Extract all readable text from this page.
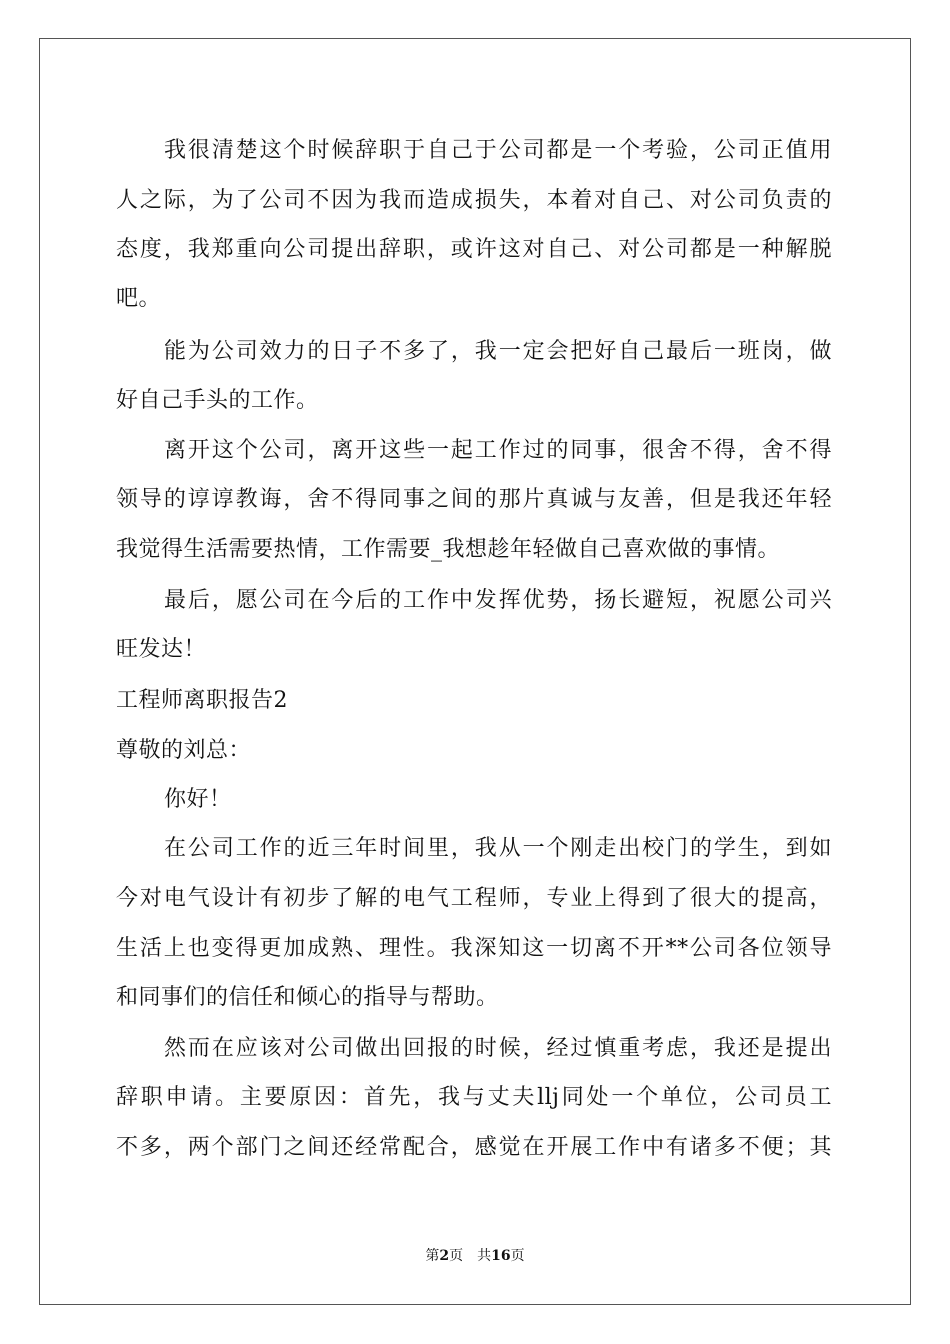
我很清楚这个时候辞职于自己于公司都是一个考验，公司正值用
人之际，为了公司不因为我而造成损失，本着对自己、对公司负责的
态度，我郑重向公司提出辞职，或许这对自己、对公司都是一种解脱
吧。
能为公司效力的日子不多了，我一定会把好自己最后一班岗，做
好自己手头的工作。
离开这个公司，离开这些一起工作过的同事，很舍不得，舍不得
领导的谆谆教诲，舍不得同事之间的那片真诚与友善，但是我还年轻
我觉得生活需要热情，工作需要_我想趁年轻做自己喜欢做的事情。
最后，愿公司在今后的工作中发挥优势，扬长避短，祝愿公司兴
旺发达！
工程师离职报告2
尊敬的刘总：
你好！
在公司工作的近三年时间里，我从一个刚走出校门的学生，到如
今对电气设计有初步了解的电气工程师，专业上得到了很大的提高，
生活上也变得更加成熟、理性。我深知这一切离不开**公司各位领导
和同事们的信任和倾心的指导与帮助。
然而在应该对公司做出回报的时候，经过慎重考虑，我还是提出
辞职申请。主要原因：首先，我与丈夫llj同处一个单位，公司员工
不多，两个部门之间还经常配合，感觉在开展工作中有诸多不便；其
第2页 共16页
